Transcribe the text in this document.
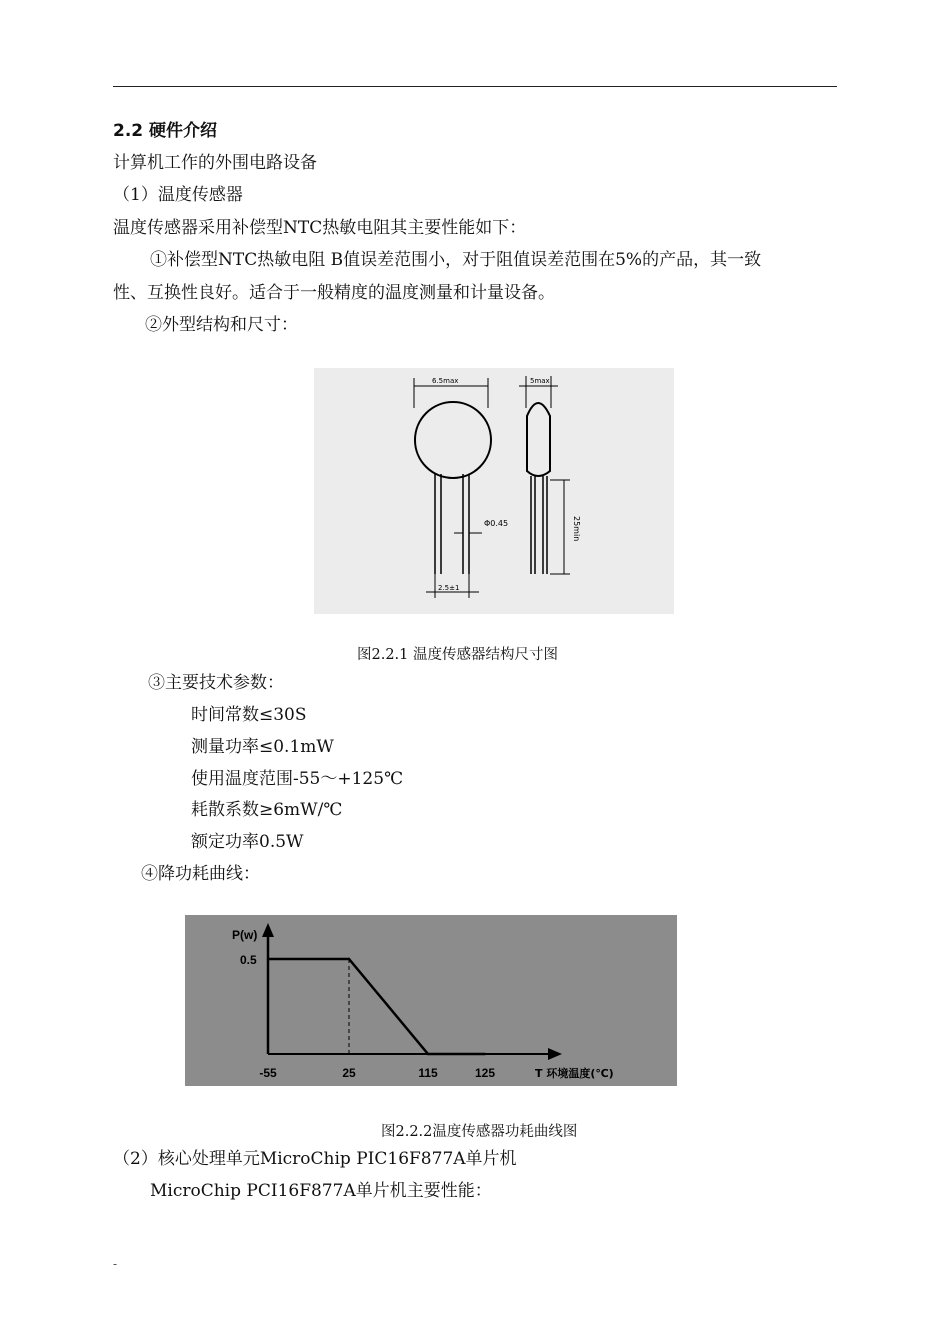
2.2 硬件介绍
计算机工作的外围电路设备
（1）温度传感器
温度传感器采用补偿型NTC热敏电阻其主要性能如下：
①补偿型NTC热敏电阻 B值误差范围小，对于阻值误差范围在5%的产品，其一致
性、互换性良好。适合于一般精度的温度测量和计量设备。
②外型结构和尺寸：
6.5max
2.5±1
Φ0.45
5max
25min
图2.2.1 温度传感器结构尺寸图
③主要技术参数：
时间常数≤30S
测量功率≤0.1mW
使用温度范围-55～+125℃
耗散系数≥6mW/℃
额定功率0.5W
④降功耗曲线：
0.5
P(w)
-55	25	115	125	T 环境温度(℃)
图2.2.2温度传感器功耗曲线图
（2）核心处理单元MicroChip PIC16F877A单片机
MicroChip PCI16F877A单片机主要性能：
-
